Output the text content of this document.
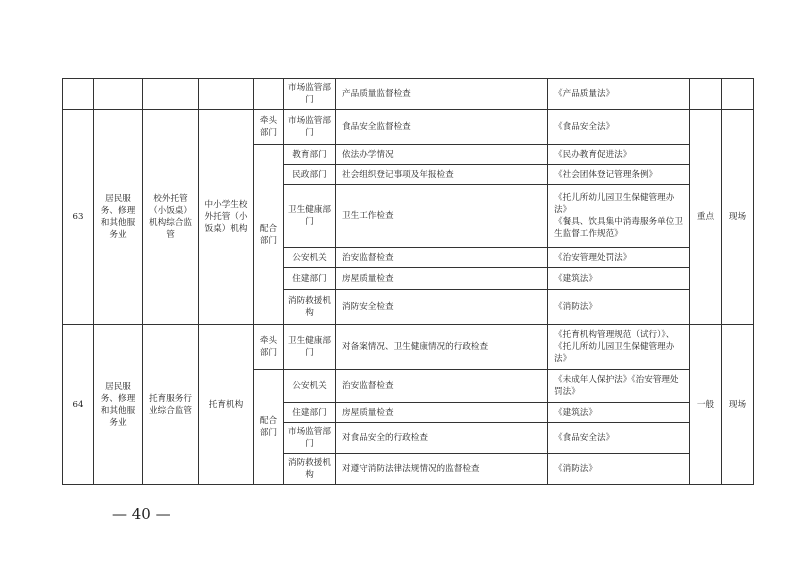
					市场监管部门	产品质量监督检查	《产品质量法》		
63	居民服务、修理和其他服务业	校外托管（小饭桌）机构综合监管	中小学生校外托管（小饭桌）机构	牵头部门	市场监管部门	食品安全监督检查	《食品安全法》	重点	现场
				配合部门	教育部门	依法办学情况	《民办教育促进法》		
					民政部门	社会组织登记事项及年报检查	《社会团体登记管理条例》		
					卫生健康部门	卫生工作检查	《托儿所幼儿园卫生保健管理办法》
《餐具、饮具集中消毒服务单位卫生监督工作规范》		

					公安机关	治安监督检查	《治安管理处罚法》		
					住建部门	房屋质量检查	《建筑法》		
					消防救援机构	消防安全检查	《消防法》		
64	居民服务、修理和其他服务业	托育服务行业综合监管	托育机构	牵头部门	卫生健康部门	对备案情况、卫生健康情况的行政检查	《托育机构管理规范（试行）》、
《托儿所幼儿园卫生保健管理办法》	一般	现场
				配合部门	公安机关	治安监督检查	《未成年人保护法》《治安管理处罚法》		
					住建部门	房屋质量检查	《建筑法》		
					市场监管部门	对食品安全的行政检查	《食品安全法》		
					消防救援机构	对遵守消防法律法规情况的监督检查	《消防法》		
— 40 —
